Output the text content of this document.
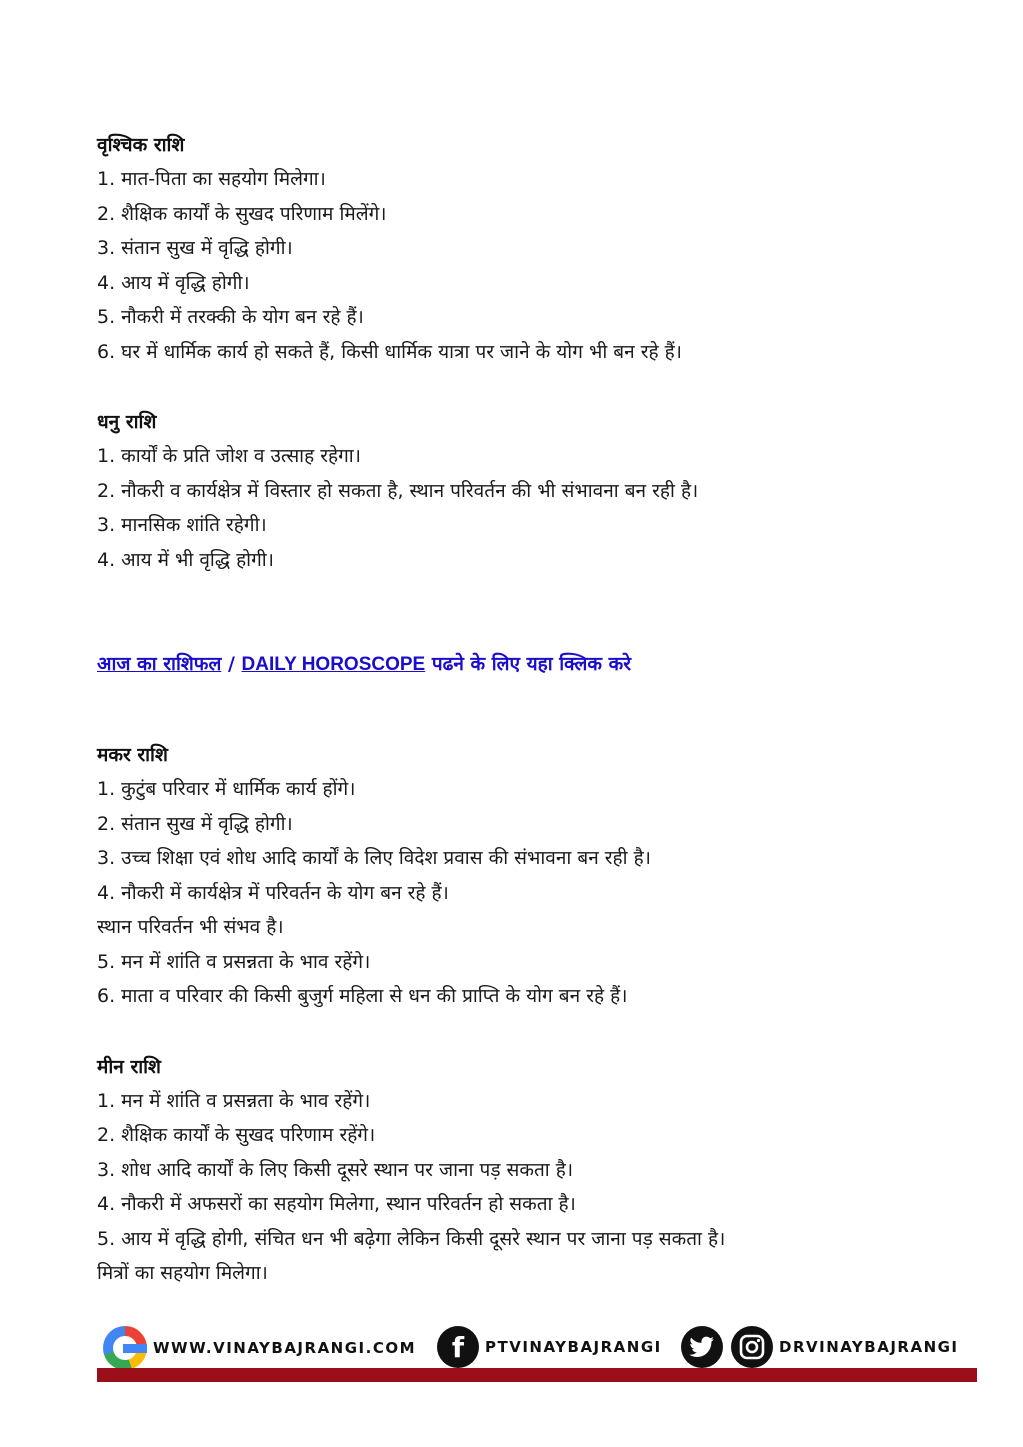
वृश्चिक राशि

1. मात-पिता का सहयोग मिलेगा।

2. शैक्षिक कार्यों के सुखद परिणाम मिलेंगे।

3. संतान सुख में वृद्धि होगी।

4. आय में वृद्धि होगी।

5. नौकरी में तरक्की के योग बन रहे हैं।

6. घर में धार्मिक कार्य हो सकते हैं, किसी धार्मिक यात्रा पर जाने के योग भी बन रहे हैं।

धनु राशि

1. कार्यों के प्रति जोश व उत्साह रहेगा।

2. नौकरी व कार्यक्षेत्र में विस्तार हो सकता है, स्थान परिवर्तन की भी संभावना बन रही है।

3. मानसिक शांति रहेगी।

4. आय में भी वृद्धि होगी।

आज का राशिफल / DAILY HOROSCOPE पढने के लिए यहा क्लिक करे

मकर राशि

1. कुटुंब परिवार में धार्मिक कार्य होंगे।

2. संतान सुख में वृद्धि होगी।

3. उच्च शिक्षा एवं शोध आदि कार्यों के लिए विदेश प्रवास की संभावना बन रही है।

4. नौकरी में कार्यक्षेत्र में परिवर्तन के योग बन रहे हैं।

स्थान परिवर्तन भी संभव है।

5. मन में शांति व प्रसन्नता के भाव रहेंगे।

6. माता व परिवार की किसी बुजुर्ग महिला से धन की प्राप्ति के योग बन रहे हैं।

मीन राशि

1. मन में शांति व प्रसन्नता के भाव रहेंगे।

2. शैक्षिक कार्यों के सुखद परिणाम रहेंगे।

3. शोध आदि कार्यों के लिए किसी दूसरे स्थान पर जाना पड़ सकता है।

4. नौकरी में अफसरों का सहयोग मिलेगा, स्थान परिवर्तन हो सकता है।

5. आय में वृद्धि होगी, संचित धन भी बढ़ेगा लेकिन किसी दूसरे स्थान पर जाना पड़ सकता है।

मित्रों का सहयोग मिलेगा।

WWW.VINAYBAJRANGI.COM	f	PTVINAYBAJRANGI	DRVINAYBAJRANGI
